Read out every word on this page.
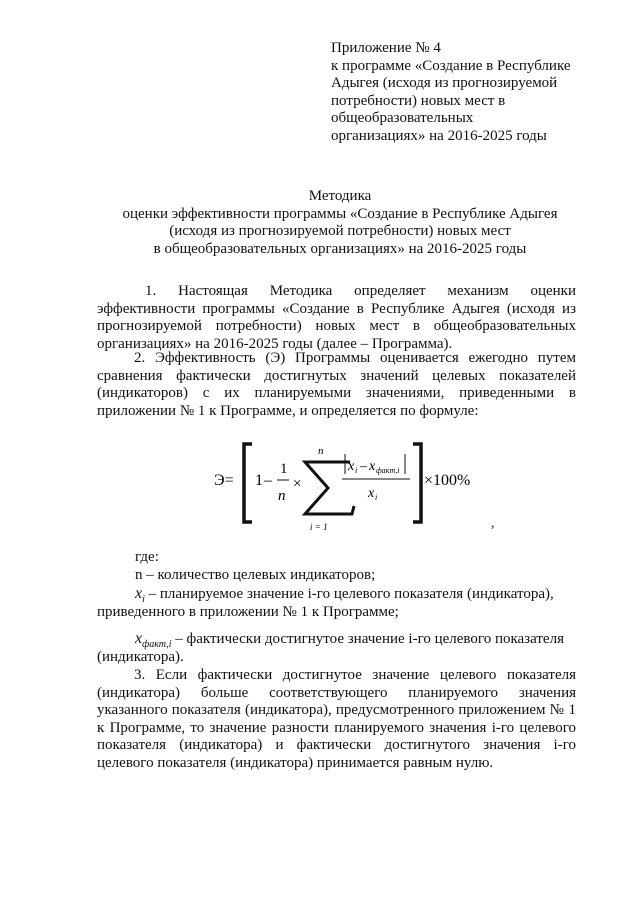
Приложение № 4
к программе «Создание в Республике
Адыгея (исходя из прогнозируемой
потребности) новых мест в
общеобразовательных
организациях» на 2016-2025 годы
Методика
оценки эффективности программы «Создание в Республике Адыгея
(исходя из прогнозируемой потребности) новых мест
в общеобразовательных организациях» на 2016-2025 годы
1. Настоящая Методика определяет механизм оценки эффективности программы «Создание в Республике Адыгея (исходя из прогнозируемой потребности) новых мест в общеобразовательных организациях» на 2016-2025 годы (далее – Программа).
2. Эффективность (Э) Программы оценивается ежегодно путем сравнения фактически достигнутых значений целевых показателей (индикаторов) с их планируемыми значениями, приведенными в приложении № 1 к Программе, и определяется по формуле:
Э= 1 –
1
n
×
n
i = 1
x i – x факт,i
x i
×100%
,
где:
n – количество целевых индикаторов;
$x_i$ – планируемое значение i-го целевого показателя (индикатора),
приведенного в приложении № 1 к Программе;
$x_{факт,i}$ – фактически достигнутое значение i-го целевого показателя
(индикатора).
3. Если фактически достигнутое значение целевого показателя (индикатора) больше соответствующего планируемого значения указанного показателя (индикатора), предусмотренного приложением № 1 к Программе, то значение разности планируемого значения i-го целевого показателя (индикатора) и фактически достигнутого значения i-го целевого показателя (индикатора) принимается равным нулю.
